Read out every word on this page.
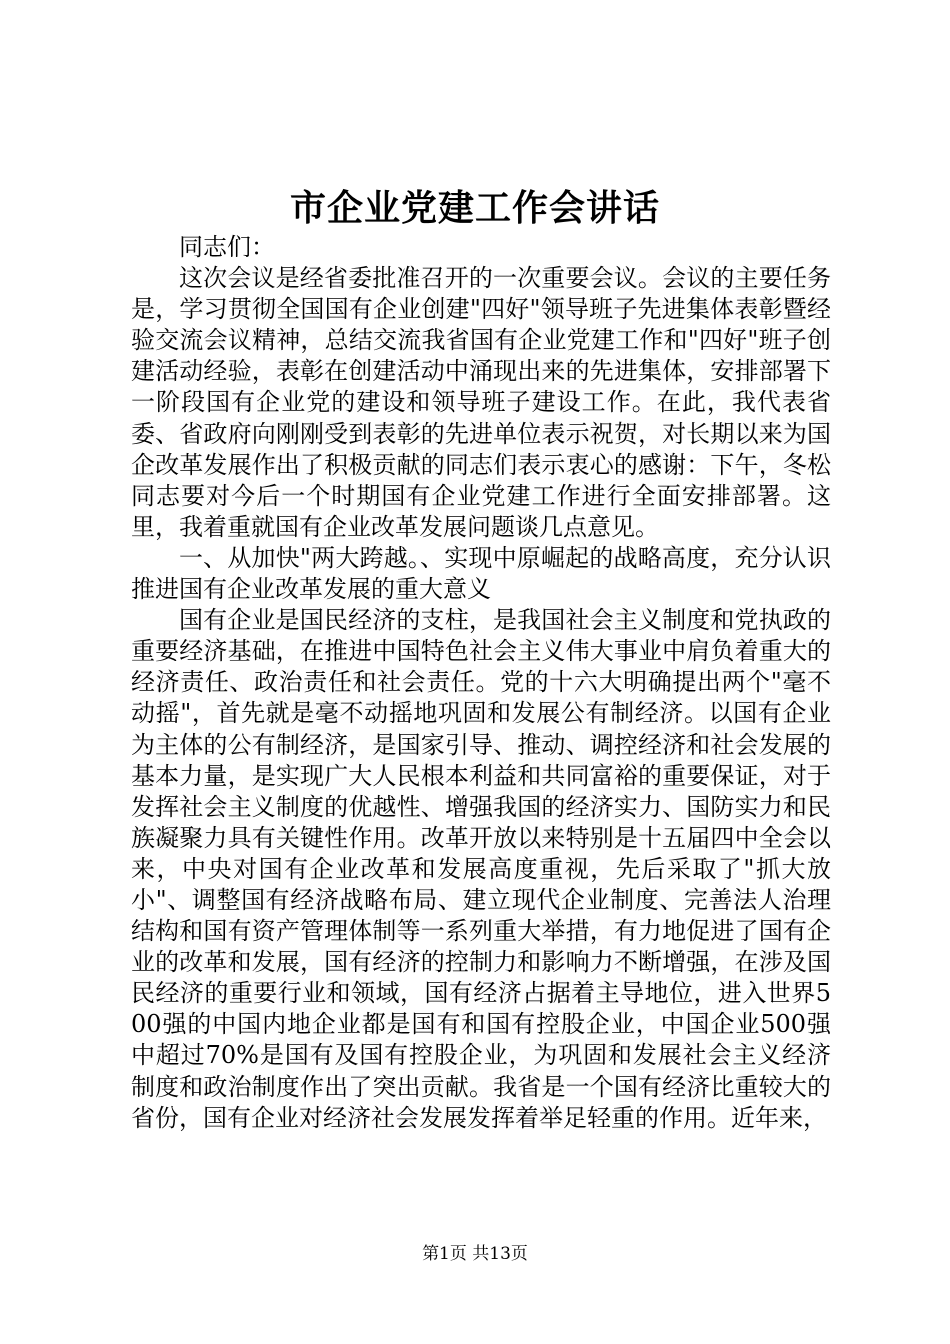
市企业党建工作会讲话

同志们：

这次会议是经省委批准召开的一次重要会议。会议的主要任务是，学习贯彻全国国有企业创建"四好"领导班子先进集体表彰暨经验交流会议精神，总结交流我省国有企业党建工作和"四好"班子创建活动经验，表彰在创建活动中涌现出来的先进集体，安排部署下一阶段国有企业党的建设和领导班子建设工作。在此，我代表省委、省政府向刚刚受到表彰的先进单位表示祝贺，对长期以来为国企改革发展作出了积极贡献的同志们表示衷心的感谢：下午，冬松同志要对今后一个时期国有企业党建工作进行全面安排部署。这里，我着重就国有企业改革发展问题谈几点意见。

一、从加快"两大跨越。、实现中原崛起的战略高度，充分认识推进国有企业改革发展的重大意义

国有企业是国民经济的支柱，是我国社会主义制度和党执政的重要经济基础，在推进中国特色社会主义伟大事业中肩负着重大的经济责任、政治责任和社会责任。党的十六大明确提出两个"毫不动摇"，首先就是毫不动摇地巩固和发展公有制经济。以国有企业为主体的公有制经济，是国家引导、推动、调控经济和社会发展的基本力量，是实现广大人民根本利益和共同富裕的重要保证，对于发挥社会主义制度的优越性、增强我国的经济实力、国防实力和民族凝聚力具有关键性作用。改革开放以来特别是十五届四中全会以来，中央对国有企业改革和发展高度重视，先后采取了"抓大放小"、调整国有经济战略布局、建立现代企业制度、完善法人治理结构和国有资产管理体制等一系列重大举措，有力地促进了国有企业的改革和发展，国有经济的控制力和影响力不断增强，在涉及国民经济的重要行业和领域，国有经济占据着主导地位，进入世界500强的中国内地企业都是国有和国有控股企业，中国企业500强中超过70%是国有及国有控股企业，为巩固和发展社会主义经济制度和政治制度作出了突出贡献。我省是一个国有经济比重较大的省份，国有企业对经济社会发展发挥着举足轻重的作用。近年来，

第1页 共13页
